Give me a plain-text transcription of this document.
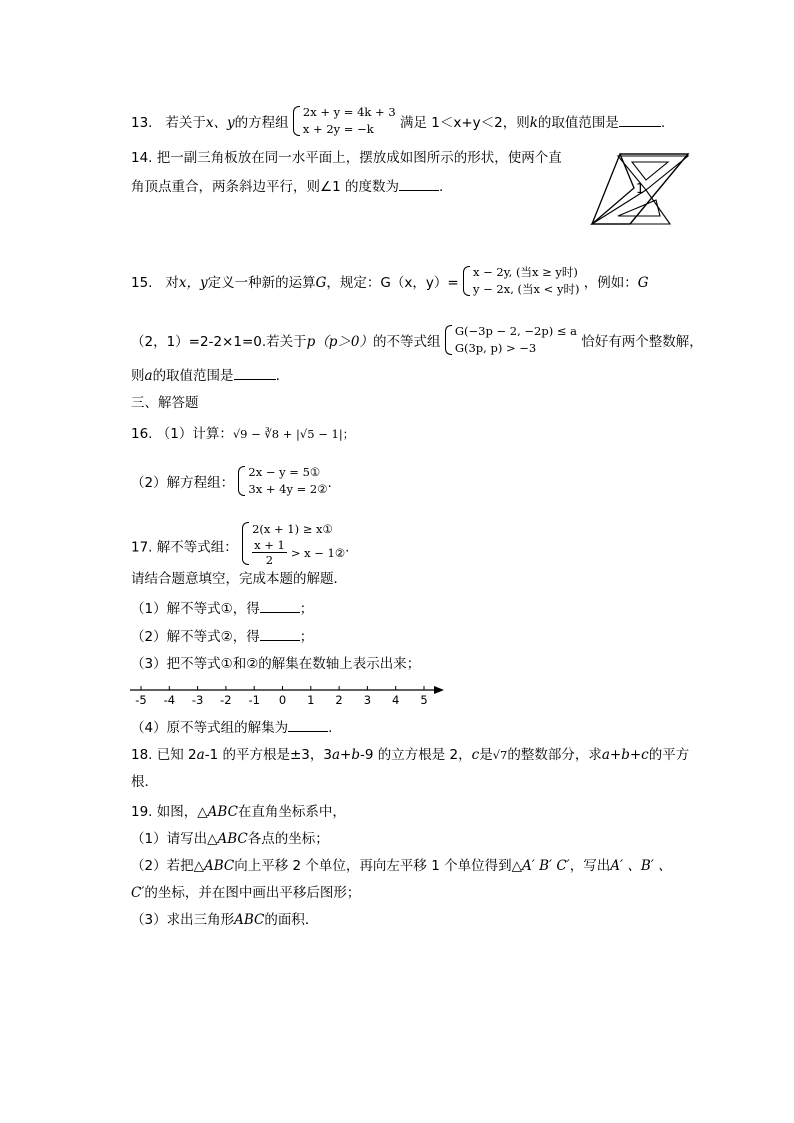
13. 若关于x、y的方程组
2x + y = 4k + 3
x + 2y = −k	满足 1＜x+y＜2，则k的取值范围是	.
14. 把一副三角板放在同一水平面上，摆放成如图所示的形状，使两个直
角顶点重合，两条斜边平行，则∠1 的度数为	.	1
15. 对x，y定义一种新的运算G，规定：G（x，y）=
x − 2y, (当x ≥ y时)
y − 2x, (当x < y时) ，例如：G
（2，1）=2-2×1=0.若关于p（p＞0）的不等式组
G(−3p − 2, −2p) ≤ a
G(3p, p) > −3	恰好有两个整数解，
则a的取值范围是	.
三、解答题
16. （1）计算：√9 − ∛8 + |√5 − 1|；
（2）解方程组：
2x − y = 5①
3x + 4y = 2② .
17. 解不等式组：
2(x + 1) ≥ x①
x + 1
2
> x − 1② .
请结合题意填空，完成本题的解题．
（1）解不等式①，得	；
（2）解不等式②，得	；
（3）把不等式①和②的解集在数轴上表示出来；
-5 -4 -3 -2 -1 0 1 2 3 4 5
（4）原不等式组的解集为	.
18. 已知 2a-1 的平方根是±3，3a+b-9 的立方根是 2，c是√7的整数部分，求a+b+c的平方
根．
19. 如图，△ABC在直角坐标系中，
（1）请写出△ABC各点的坐标；
（2）若把△ABC向上平移 2 个单位，再向左平移 1 个单位得到△A′ B′ C′，写出A′ 、B′ 、
C′的坐标，并在图中画出平移后图形；
（3）求出三角形ABC的面积．
